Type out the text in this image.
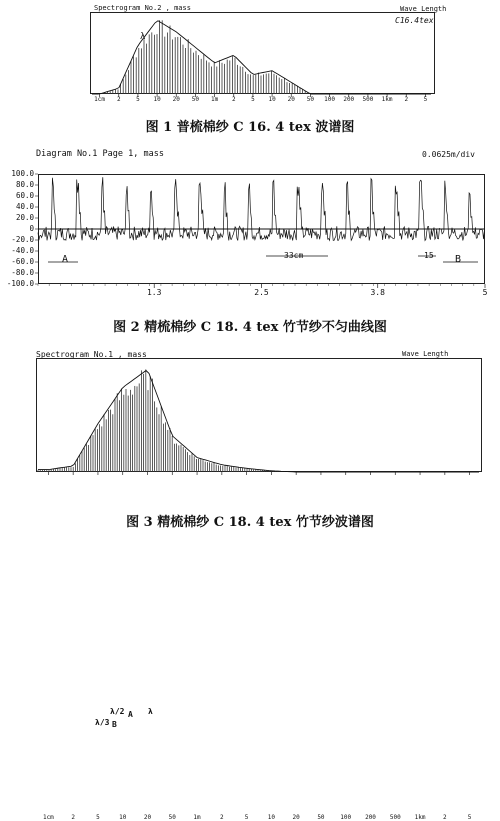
Spectrogram No.2 , mass	Wave Length
C16.4tex
λ
1cm 2	5 10 20 50 1m 2	5 10 20 50 100 200 500 1km 2	5
图 1 普梳棉纱 C 16. 4 tex 波谱图
Diagram No.1 Page 1, mass	0.0625m/div
100.0
80.0
60.0
40.0
20.0
0
-20.0
-40.0
-60.0
-80.0
-100.0
A	33cm	15 B
1.3	2.5	3.8	5
图 2 精梳棉纱 C 18. 4 tex 竹节纱不匀曲线图
Spectrogram No.1 , mass	Wave Length
λ/3
λ/2
B
A λ
1cm	2	5	10	20	50	1m	2	5	10	20	50	100 200 500 1km	2	5
图 3 精梳棉纱 C 18. 4 tex 竹节纱波谱图
